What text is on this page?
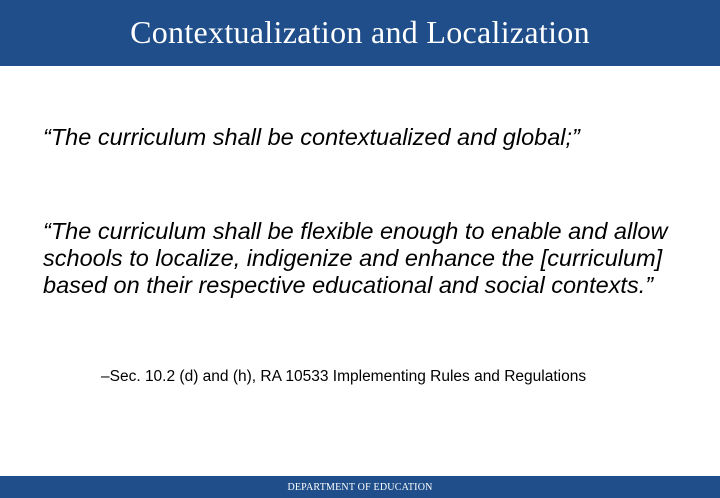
Contextualization and Localization
“The curriculum shall be contextualized and global;”
“The curriculum shall be flexible enough to enable and allow schools to localize, indigenize and enhance the [curriculum] based on their respective educational and social contexts.”
–Sec. 10.2 (d) and (h), RA 10533 Implementing Rules and Regulations
DEPARTMENT OF EDUCATION
